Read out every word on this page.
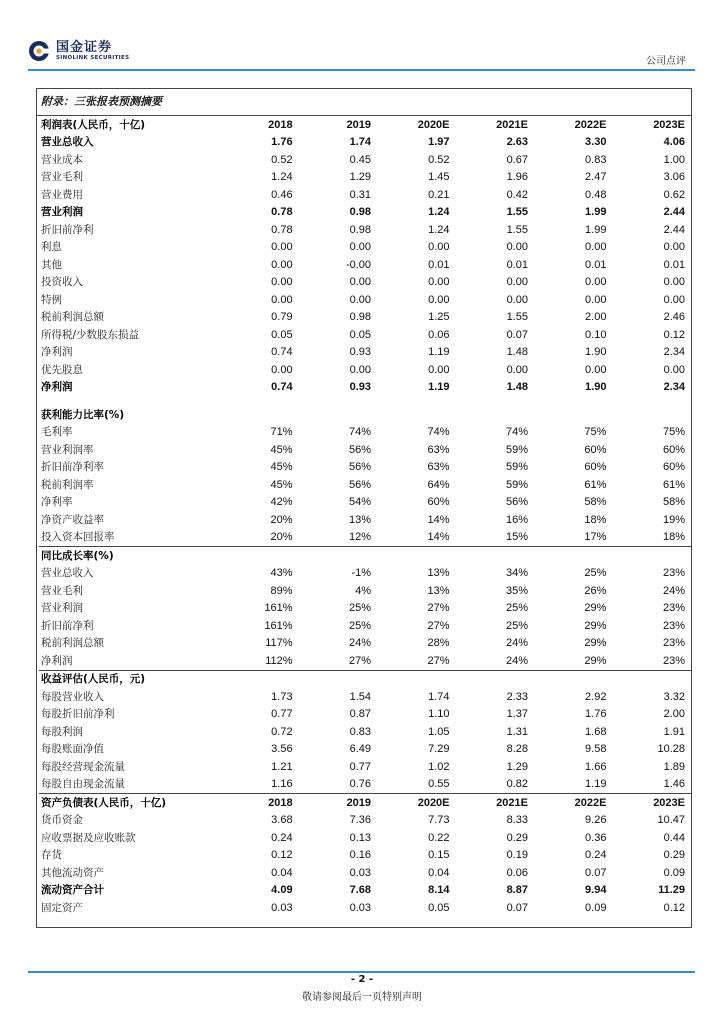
国金证券
SINOLINK SECURITIES	公司点评
附录：三张报表预测摘要
利润表(人民币，十亿)	2018	2019	2020E	2021E	2022E	2023E
营业总收入	1.76	1.74	1.97	2.63	3.30	4.06
营业成本	0.52	0.45	0.52	0.67	0.83	1.00
营业毛利	1.24	1.29	1.45	1.96	2.47	3.06
营业费用	0.46	0.31	0.21	0.42	0.48	0.62
营业利润	0.78	0.98	1.24	1.55	1.99	2.44
折旧前净利	0.78	0.98	1.24	1.55	1.99	2.44
利息	0.00	0.00	0.00	0.00	0.00	0.00
其他	0.00	-0.00	0.01	0.01	0.01	0.01
投资收入	0.00	0.00	0.00	0.00	0.00	0.00
特例	0.00	0.00	0.00	0.00	0.00	0.00
税前利润总额	0.79	0.98	1.25	1.55	2.00	2.46
所得税/少数股东损益	0.05	0.05	0.06	0.07	0.10	0.12
净利润	0.74	0.93	1.19	1.48	1.90	2.34
优先股息	0.00	0.00	0.00	0.00	0.00	0.00
净利润	0.74	0.93	1.19	1.48	1.90	2.34

获利能力比率(%)						
毛利率	71%	74%	74%	74%	75%	75%
营业利润率	45%	56%	63%	59%	60%	60%
折旧前净利率	45%	56%	63%	59%	60%	60%
税前利润率	45%	56%	64%	59%	61%	61%
净利率	42%	54%	60%	56%	58%	58%
净资产收益率	20%	13%	14%	16%	18%	19%
投入资本回报率	20%	12%	14%	15%	17%	18%
同比成长率(%)						
营业总收入	43%	-1%	13%	34%	25%	23%
营业毛利	89%	4%	13%	35%	26%	24%
营业利润	161%	25%	27%	25%	29%	23%
折旧前净利	161%	25%	27%	25%	29%	23%
税前利润总额	117%	24%	28%	24%	29%	23%
净利润	112%	27%	27%	24%	29%	23%
收益评估(人民币，元)						
每股营业收入	1.73	1.54	1.74	2.33	2.92	3.32
每股折旧前净利	0.77	0.87	1.10	1.37	1.76	2.00
每股利润	0.72	0.83	1.05	1.31	1.68	1.91
每股账面净值	3.56	6.49	7.29	8.28	9.58	10.28
每股经营现金流量	1.21	0.77	1.02	1.29	1.66	1.89
每股自由现金流量	1.16	0.76	0.55	0.82	1.19	1.46
资产负债表(人民币，十亿)	2018	2019	2020E	2021E	2022E	2023E
货币资金	3.68	7.36	7.73	8.33	9.26	10.47
应收票据及应收账款	0.24	0.13	0.22	0.29	0.36	0.44
存货	0.12	0.16	0.15	0.19	0.24	0.29
其他流动资产	0.04	0.03	0.04	0.06	0.07	0.09
流动资产合计	4.09	7.68	8.14	8.87	9.94	11.29
固定资产	0.03	0.03	0.05	0.07	0.09	0.12
- 2 -
敬请参阅最后一页特别声明
